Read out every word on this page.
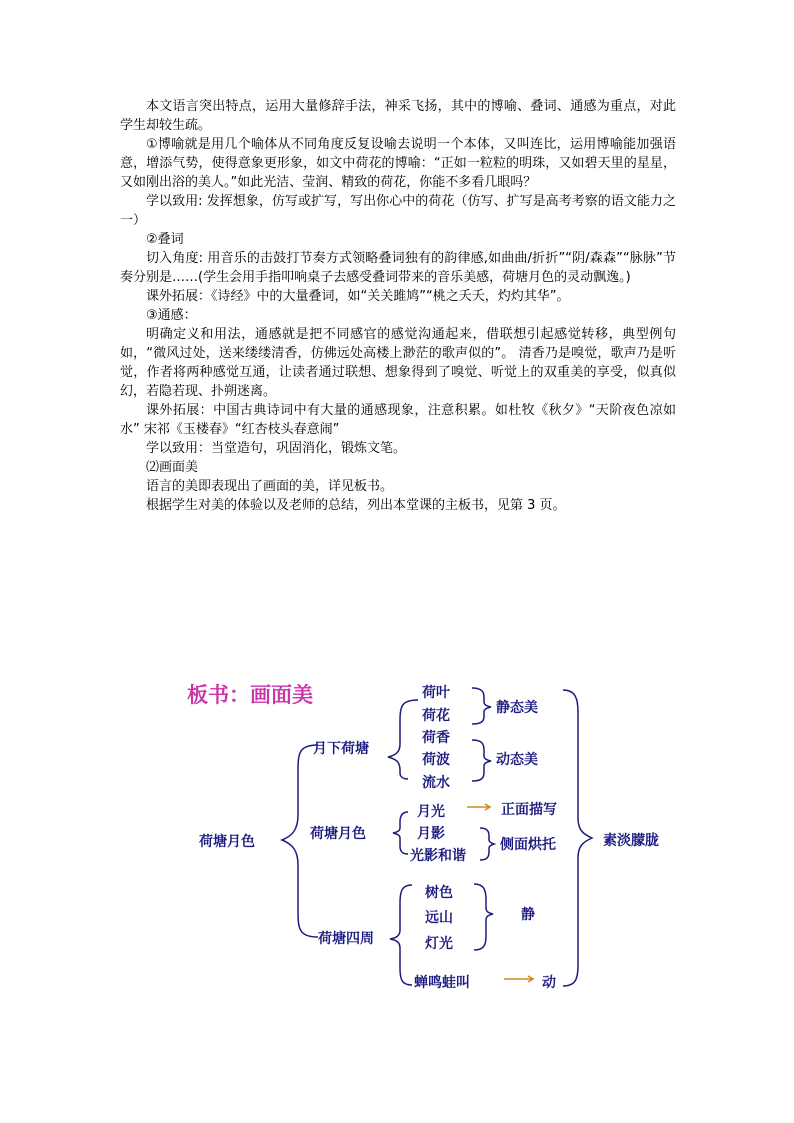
本文语言突出特点，运用大量修辞手法，神采飞扬，其中的博喻、叠词、通感为重点，对此学生却较生疏。

①博喻就是用几个喻体从不同角度反复设喻去说明一个本体，又叫连比，运用博喻能加强语意，增添气势，使得意象更形象，如文中荷花的博喻：“正如一粒粒的明珠，又如碧天里的星星，又如刚出浴的美人。”如此光洁、莹润、精致的荷花，你能不多看几眼吗？

学以致用: 发挥想象，仿写或扩写，写出你心中的荷花（仿写、扩写是高考考察的语文能力之一）

②叠词

切入角度: 用音乐的击鼓打节奏方式领略叠词独有的韵律感,如曲曲/折折”“阴/森森”“脉脉”节奏分别是……(学生会用手指叩响桌子去感受叠词带来的音乐美感，荷塘月色的灵动飘逸。)

课外拓展：《诗经》中的大量叠词，如“关关雎鸠”“桃之夭夭，灼灼其华”。

③通感：

明确定义和用法，通感就是把不同感官的感觉沟通起来，借联想引起感觉转移，典型例句如，“微风过处，送来缕缕清香，仿佛远处高楼上渺茫的歌声似的”。 清香乃是嗅觉，歌声乃是听觉，作者将两种感觉互通，让读者通过联想、想象得到了嗅觉、听觉上的双重美的享受，似真似幻，若隐若现、扑朔迷离。

课外拓展：中国古典诗词中有大量的通感现象，注意积累。如杜牧《秋夕》“天阶夜色凉如水” 宋祁《玉楼春》“红杏枝头春意闹”

学以致用：当堂造句，巩固消化，锻炼文笔。

⑵画面美

语言的美即表现出了画面的美，详见板书。

根据学生对美的体验以及老师的总结，列出本堂课的主板书，见第 3 页。

板书：画面美
荷塘月色
月下荷塘
荷叶
荷花	静态美
荷香
荷波
流水
动态美
荷塘月色
月光	正面描写
月影
光影和谐
侧面烘托
荷塘四周
树色
远山
灯光
静
蝉鸣蛙叫	动
素淡朦胧
